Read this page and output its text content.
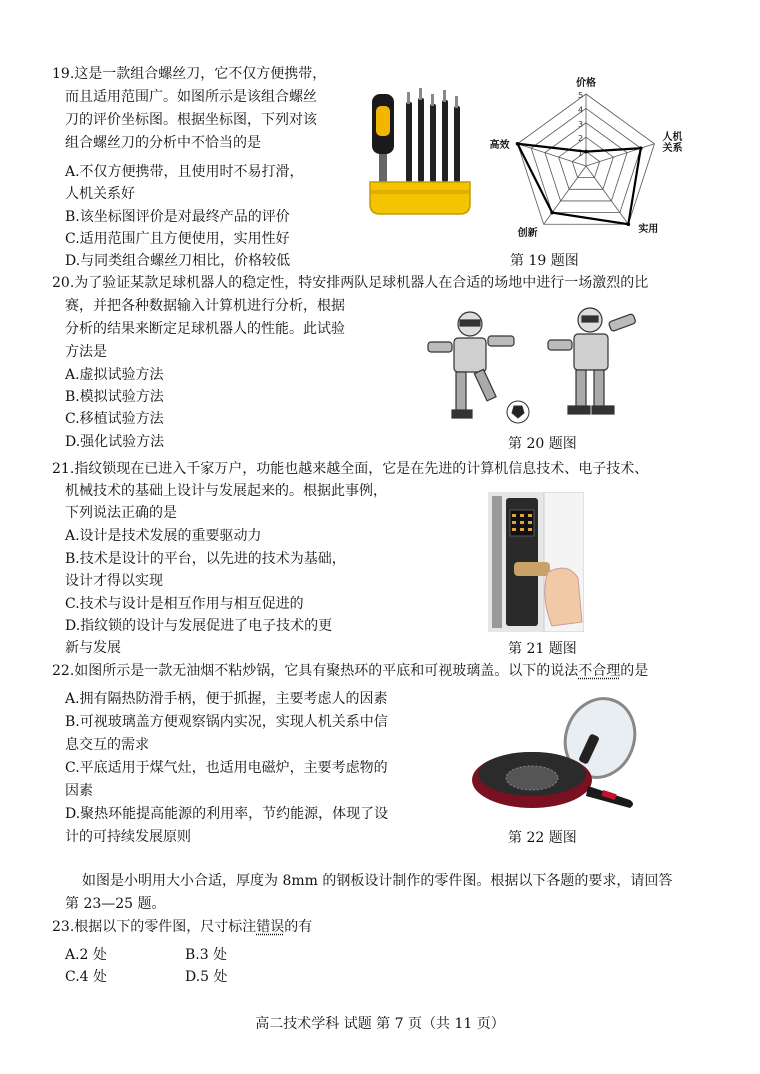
19.这是一款组合螺丝刀，它不仅方便携带，
而且适用范围广。如图所示是该组合螺丝
刀的评价坐标图。根据坐标图，下列对该
组合螺丝刀的分析中不恰当的是
A.不仅方便携带，且使用时不易打滑，
人机关系好
B.该坐标图评价是对最终产品的评价
C.适用范围广且方便使用，实用性好
D.与同类组合螺丝刀相比，价格较低
1
2
3
4
5
价格
人机关系
实用
创新
高效
第 19 题图
20.为了验证某款足球机器人的稳定性，特安排两队足球机器人在合适的场地中进行一场激烈的比
赛，并把各种数据输入计算机进行分析，根据
分析的结果来断定足球机器人的性能。此试验
方法是
A.虚拟试验方法
B.模拟试验方法
C.移植试验方法
D.强化试验方法	第 20 题图
21.指纹锁现在已进入千家万户，功能也越来越全面，它是在先进的计算机信息技术、电子技术、
机械技术的基础上设计与发展起来的。根据此事例，
下列说法正确的是
A.设计是技术发展的重要驱动力
B.技术是设计的平台，以先进的技术为基础，
设计才得以实现
C.技术与设计是相互作用与相互促进的
D.指纹锁的设计与发展促进了电子技术的更
新与发展	第 21 题图
22.如图所示是一款无油烟不粘炒锅，它具有聚热环的平底和可视玻璃盖。以下的说法不合理的是
A.拥有隔热防滑手柄，便于抓握，主要考虑人的因素
B.可视玻璃盖方便观察锅内实况，实现人机关系中信
息交互的需求
C.平底适用于煤气灶，也适用电磁炉，主要考虑物的
因素
D.聚热环能提高能源的利用率，节约能源，体现了设
计的可持续发展原则	第 22 题图
如图是小明用大小合适，厚度为 8mm 的钢板设计制作的零件图。根据以下各题的要求，请回答
第 23—25 题。
23.根据以下的零件图，尺寸标注错误的有
A.2 处	B.3 处
C.4 处	D.5 处
高二技术学科 试题 第 7 页（共 11 页）
